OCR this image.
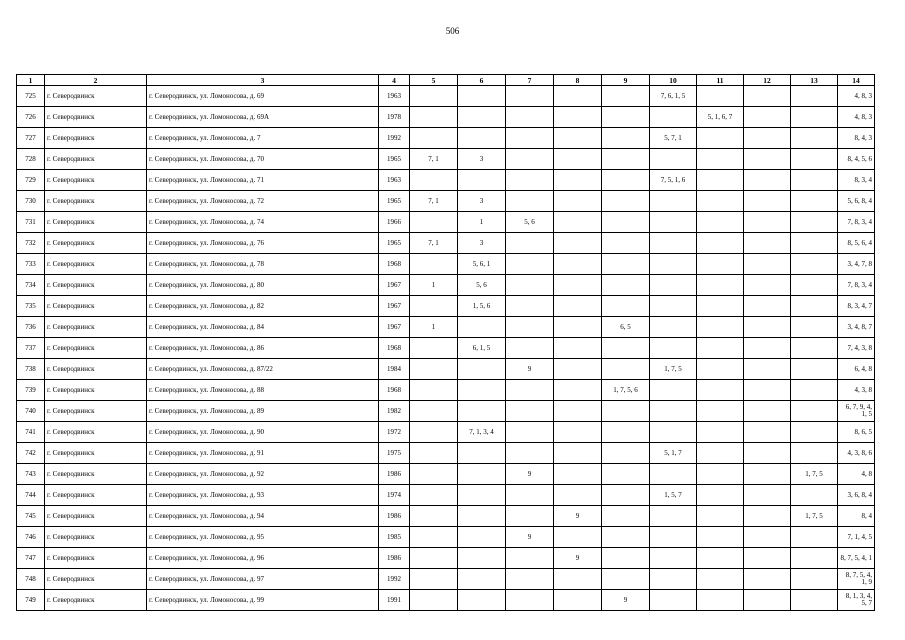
506
1	2	3	4	5	6	7	8	9	10	11	12	13	14
725	г. Северодвинск	г. Северодвинск, ул. Ломоносова, д. 69	1963						7, 6, 1, 5				4, 8, 3
726	г. Северодвинск	г. Северодвинск, ул. Ломоносова, д. 69А	1978							5, 1, 6, 7			4, 8, 3
727	г. Северодвинск	г. Северодвинск, ул. Ломоносова, д. 7	1992						5, 7, 1				8, 4, 3
728	г. Северодвинск	г. Северодвинск, ул. Ломоносова, д. 70	1965	7, 1	3								8, 4, 5, 6
729	г. Северодвинск	г. Северодвинск, ул. Ломоносова, д. 71	1963						7, 5, 1, 6				8, 3, 4
730	г. Северодвинск	г. Северодвинск, ул. Ломоносова, д. 72	1965	7, 1	3								5, 6, 8, 4
731	г. Северодвинск	г. Северодвинск, ул. Ломоносова, д. 74	1966		1	5, 6							7, 8, 3, 4
732	г. Северодвинск	г. Северодвинск, ул. Ломоносова, д. 76	1965	7, 1	3								8, 5, 6, 4
733	г. Северодвинск	г. Северодвинск, ул. Ломоносова, д. 78	1968		5, 6, 1								3, 4, 7, 8
734	г. Северодвинск	г. Северодвинск, ул. Ломоносова, д. 80	1967	1	5, 6								7, 8, 3, 4
735	г. Северодвинск	г. Северодвинск, ул. Ломоносова, д. 82	1967		1, 5, 6								8, 3, 4, 7
736	г. Северодвинск	г. Северодвинск, ул. Ломоносова, д. 84	1967	1				6, 5					3, 4, 8, 7
737	г. Северодвинск	г. Северодвинск, ул. Ломоносова, д. 86	1968		6, 1, 5								7, 4, 3, 8
738	г. Северодвинск	г. Северодвинск, ул. Ломоносова, д. 87/22	1984			9			1, 7, 5				6, 4, 8
739	г. Северодвинск	г. Северодвинск, ул. Ломоносова, д. 88	1968					1, 7, 5, 6					4, 3, 8
740	г. Северодвинск	г. Северодвинск, ул. Ломоносова, д. 89	1982										6, 7, 9, 4, 1, 5
741	г. Северодвинск	г. Северодвинск, ул. Ломоносова, д. 90	1972		7, 1, 3, 4								8, 6, 5
742	г. Северодвинск	г. Северодвинск, ул. Ломоносова, д. 91	1975						5, 1, 7				4, 3, 8, 6
743	г. Северодвинск	г. Северодвинск, ул. Ломоносова, д. 92	1986			9						1, 7, 5	4, 8
744	г. Северодвинск	г. Северодвинск, ул. Ломоносова, д. 93	1974						1, 5, 7				3, 6, 8, 4
745	г. Северодвинск	г. Северодвинск, ул. Ломоносова, д. 94	1986				9					1, 7, 5	8, 4
746	г. Северодвинск	г. Северодвинск, ул. Ломоносова, д. 95	1985			9							7, 1, 4, 5
747	г. Северодвинск	г. Северодвинск, ул. Ломоносова, д. 96	1986				9						8, 7, 5, 4, 1
748	г. Северодвинск	г. Северодвинск, ул. Ломоносова, д. 97	1992										8, 7, 5, 4, 1, 9
749	г. Северодвинск	г. Северодвинск, ул. Ломоносова, д. 99	1991					9					8, 1, 3, 4, 5, 7
